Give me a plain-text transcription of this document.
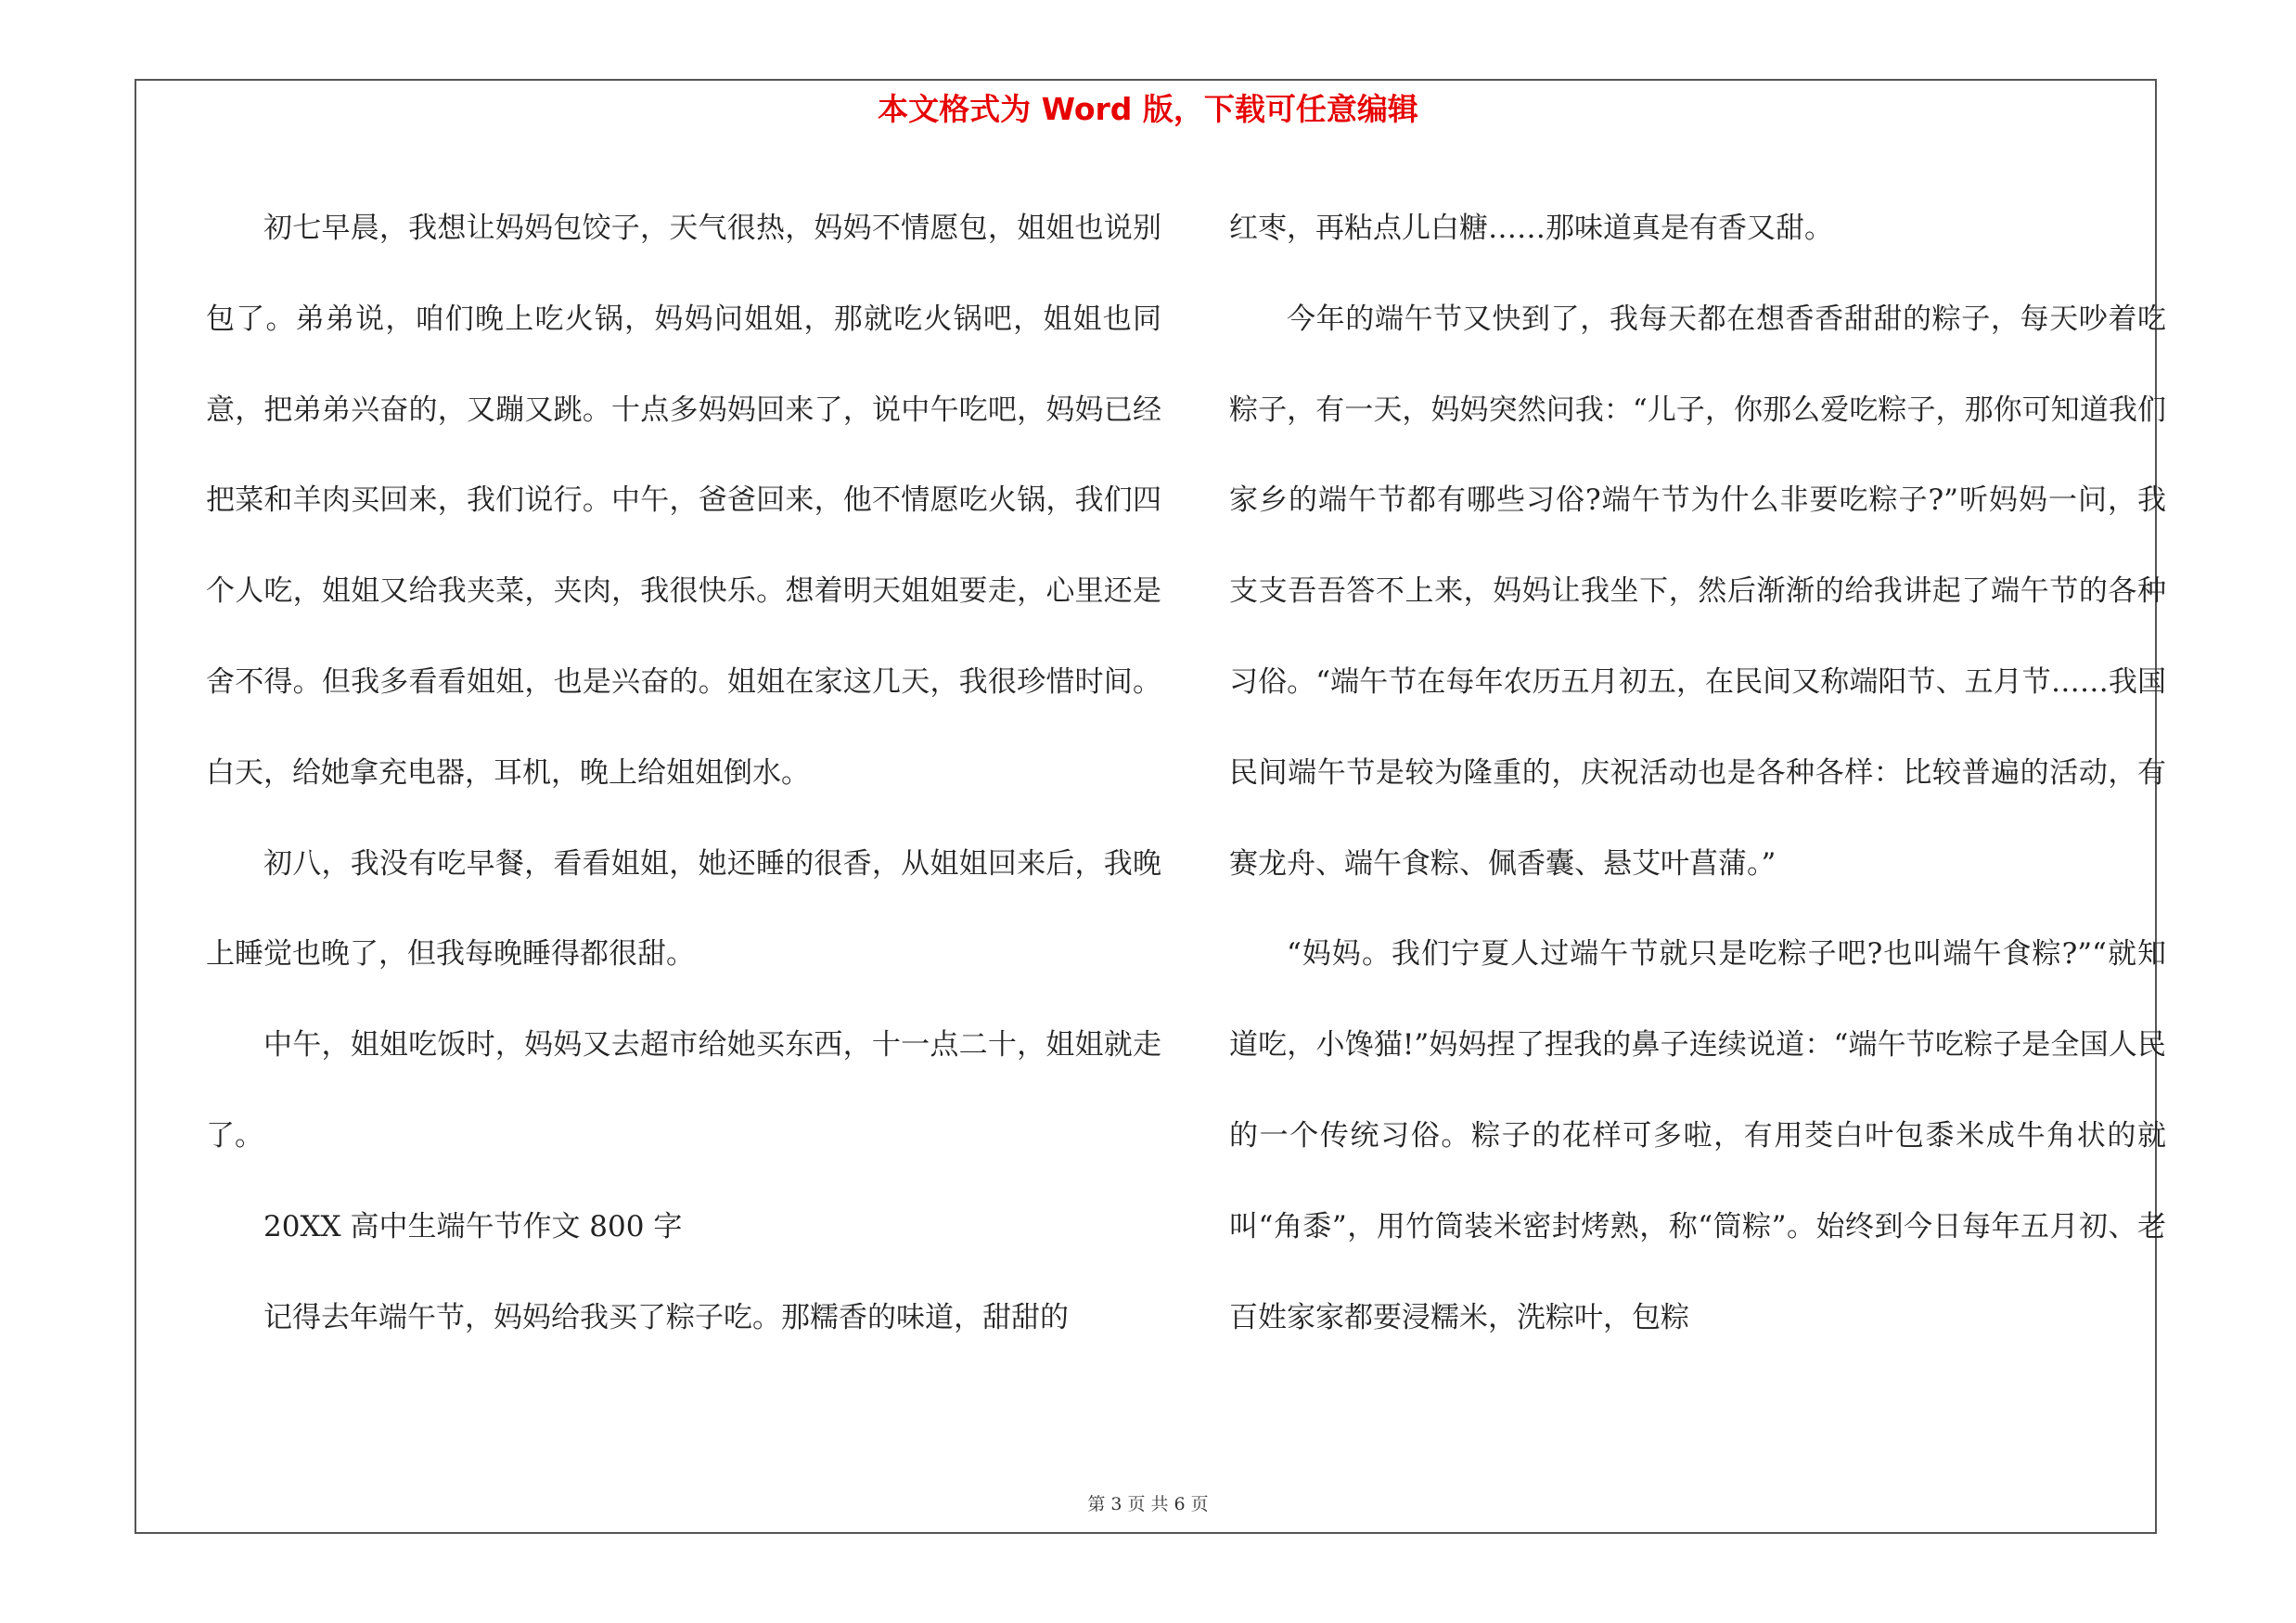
本文格式为 Word 版，下载可任意编辑

初七早晨，我想让妈妈包饺子，天气很热，妈妈不情愿包，姐姐也说别包了。弟弟说，咱们晚上吃火锅，妈妈问姐姐，那就吃火锅吧，姐姐也同意，把弟弟兴奋的，又蹦又跳。十点多妈妈回来了，说中午吃吧，妈妈已经把菜和羊肉买回来，我们说行。中午，爸爸回来，他不情愿吃火锅，我们四个人吃，姐姐又给我夹菜，夹肉，我很快乐。想着明天姐姐要走，心里还是舍不得。但我多看看姐姐，也是兴奋的。姐姐在家这几天，我很珍惜时间。白天，给她拿充电器，耳机，晚上给姐姐倒水。

初八，我没有吃早餐，看看姐姐，她还睡的很香，从姐姐回来后，我晚上睡觉也晚了，但我每晚睡得都很甜。

中午，姐姐吃饭时，妈妈又去超市给她买东西，十一点二十，姐姐就走了。

20XX 高中生端午节作文 800 字

记得去年端午节，妈妈给我买了粽子吃。那糯香的味道，甜甜的

红枣，再粘点儿白糖……那味道真是有香又甜。

今年的端午节又快到了，我每天都在想香香甜甜的粽子，每天吵着吃粽子，有一天，妈妈突然问我：“儿子，你那么爱吃粽子，那你可知道我们家乡的端午节都有哪些习俗?端午节为什么非要吃粽子?”听妈妈一问，我支支吾吾答不上来，妈妈让我坐下，然后渐渐的给我讲起了端午节的各种习俗。“端午节在每年农历五月初五，在民间又称端阳节、五月节……我国民间端午节是较为隆重的，庆祝活动也是各种各样：比较普遍的活动，有赛龙舟、端午食粽、佩香囊、悬艾叶菖蒲。”

“妈妈。我们宁夏人过端午节就只是吃粽子吧?也叫端午食粽?”“就知道吃，小馋猫!”妈妈捏了捏我的鼻子连续说道：“端午节吃粽子是全国人民的一个传统习俗。粽子的花样可多啦，有用茭白叶包黍米成牛角状的就叫“角黍”，用竹筒装米密封烤熟，称“筒粽”。始终到今日每年五月初、老百姓家家都要浸糯米，洗粽叶，包粽

第 3 页 共 6 页
